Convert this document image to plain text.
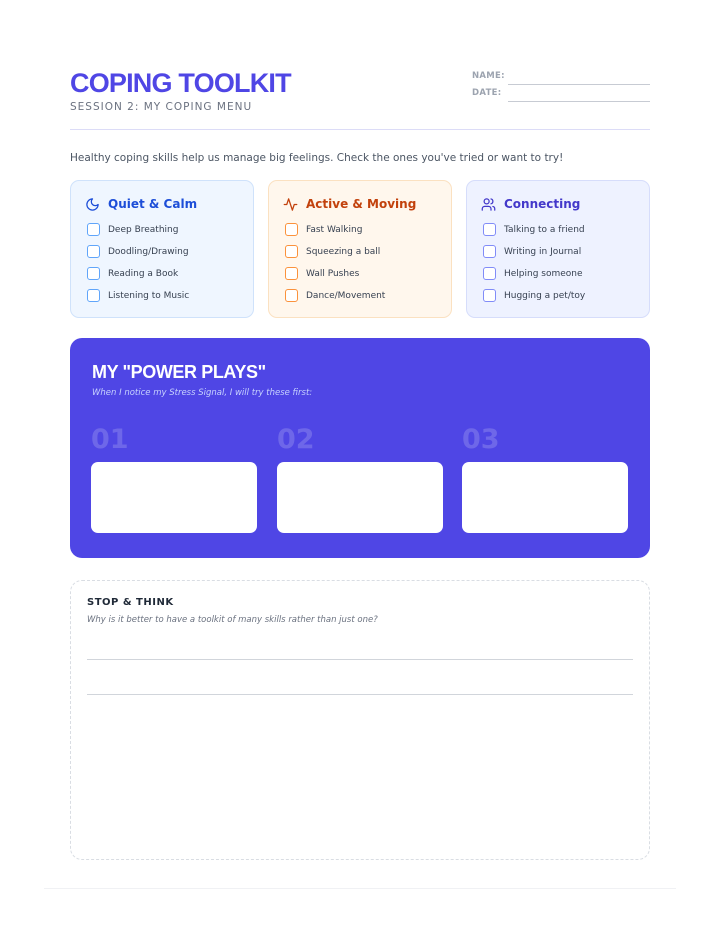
COPING TOOLKIT
SESSION 2: MY COPING MENU
NAME:
DATE:
Healthy coping skills help us manage big feelings. Check the ones you've tried or want to try!
Quiet & Calm
Deep Breathing
Doodling/Drawing
Reading a Book
Listening to Music
Active & Moving
Fast Walking
Squeezing a ball
Wall Pushes
Dance/Movement
Connecting
Talking to a friend
Writing in Journal
Helping someone
Hugging a pet/toy
MY "POWER PLAYS"
When I notice my Stress Signal, I will try these first:
01	02	03
STOP & THINK
Why is it better to have a toolkit of many skills rather than just one?
